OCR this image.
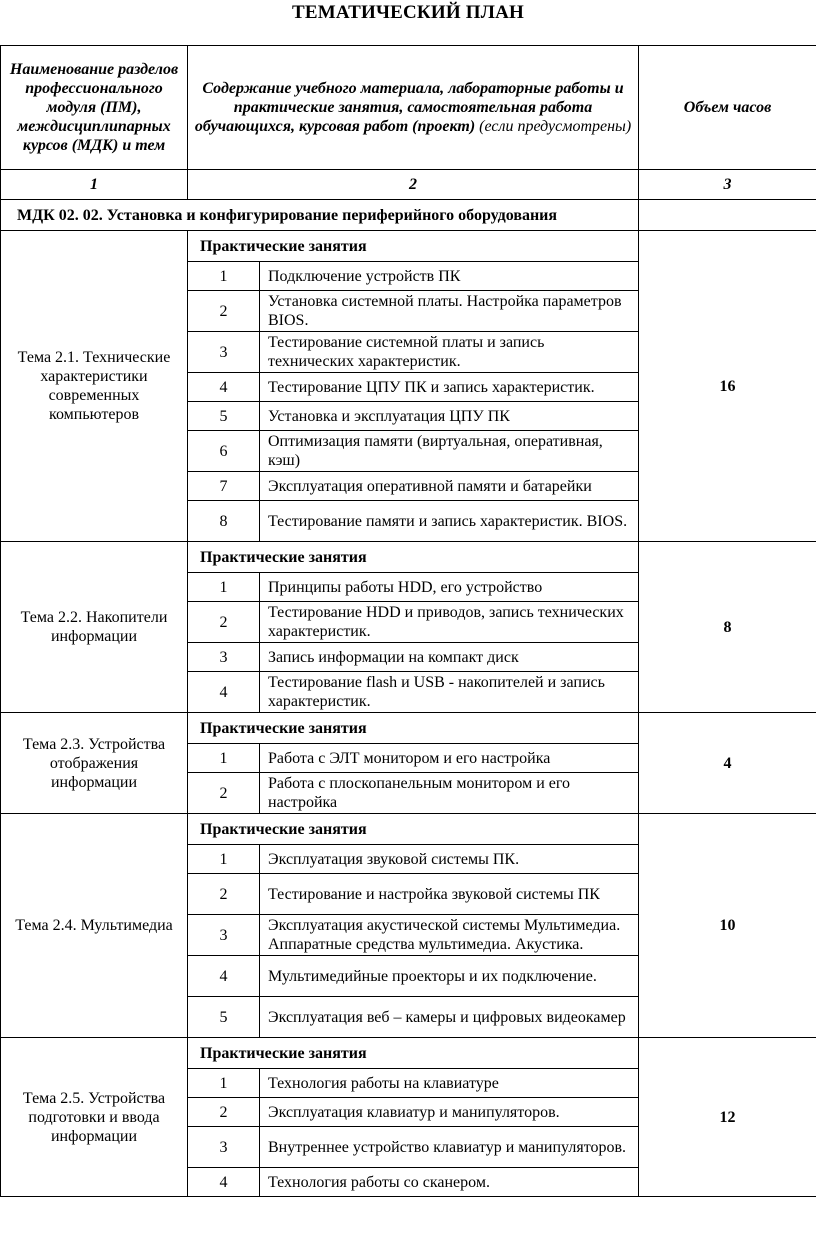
ТЕМАТИЧЕСКИЙ ПЛАН
Наименование разделов профессионального модуля (ПМ), междисциплипарных курсов (МДК) и тем	Содержание учебного материала, лабораторные работы и практические занятия, самостоятельная работа обучающихся, курсовая работ (проект) (если предусмотрены)		Объем часов
1	2		3
МДК 02. 02. Установка и конфигурирование периферийного оборудования			
Тема 2.1. Технические характеристики современных компьютеров	Практические занятия		16
	1	Подключение устройств ПК	
	2	Установка системной платы. Настройка параметров BIOS.	
	3	Тестирование системной платы и запись технических характеристик.	
	4	Тестирование ЦПУ ПК и запись характеристик.	
	5	Установка и эксплуатация ЦПУ ПК	
	6	Оптимизация памяти (виртуальная, оперативная, кэш)	
	7	Эксплуатация оперативной памяти и батарейки	
	8	Тестирование памяти и запись характеристик. BIOS.	
Тема 2.2. Накопители информации	Практические занятия		8
	1	Принципы работы HDD, его устройство	
	2	Тестирование HDD и приводов, запись технических характеристик.	
	3	Запись информации на компакт диск	
	4	Тестирование flash и USB - накопителей и запись характеристик.	
Тема 2.3. Устройства отображения информации	Практические занятия		4
	1	Работа с ЭЛТ монитором и его настройка	
	2	Работа с плоскопанельным монитором и его настройка	
Тема 2.4. Мультимедиа	Практические занятия		10
	1	Эксплуатация звуковой системы ПК.	
	2	Тестирование и настройка звуковой системы ПК	
	3	Эксплуатация акустической системы Мультимедиа. Аппаратные средства мультимедиа. Акустика.	
	4	Мультимедийные проекторы и их подключение.	
	5	Эксплуатация веб – камеры и цифровых видеокамер	
Тема 2.5. Устройства подготовки и ввода информации	Практические занятия		12
	1	Технология работы на клавиатуре	
	2	Эксплуатация клавиатур и манипуляторов.	
	3	Внутреннее устройство клавиатур и манипуляторов.	
	4	Технология работы со сканером.	
